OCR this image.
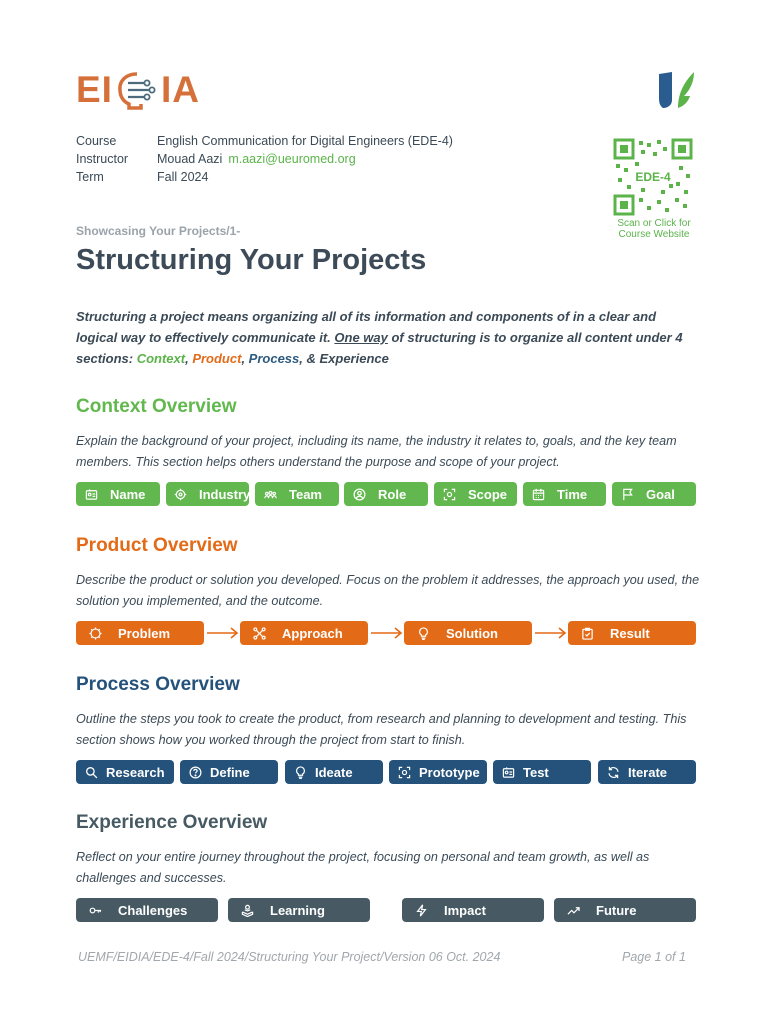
EI IA
Course	English Communication for Digital Engineers (EDE-4)
Instructor Mouad Aazi m.aazi@ueuromed.org
Term	Fall 2024	EDE-4
Scan or Click for
Course Website
Showcasing Your Projects/1-
Structuring Your Projects
Structuring a project means organizing all of its information and components of in a clear and logical way to effectively communicate it. One way of structuring is to organize all content under 4 sections: Context, Product, Process, & Experience
Context Overview
Explain the background of your project, including its name, the industry it relates to, goals, and the key team members. This section helps others understand the purpose and scope of your project.
Name	Industry	Team	Role	Scope	Time	Goal
Product Overview
Describe the product or solution you developed. Focus on the problem it addresses, the approach you used, the solution you implemented, and the outcome.
Problem	Approach	Solution	Result
Process Overview
Outline the steps you took to create the product, from research and planning to development and testing. This section shows how you worked through the project from start to finish.
Research	Define	Ideate	Prototype	Test	Iterate
Experience Overview
Reflect on your entire journey throughout the project, focusing on personal and team growth, as well as challenges and successes.
Challenges	Learning	Impact	Future
UEMF/EIDIA/EDE-4/Fall 2024/Structuring Your Project/Version 06 Oct. 2024	Page 1 of 1
